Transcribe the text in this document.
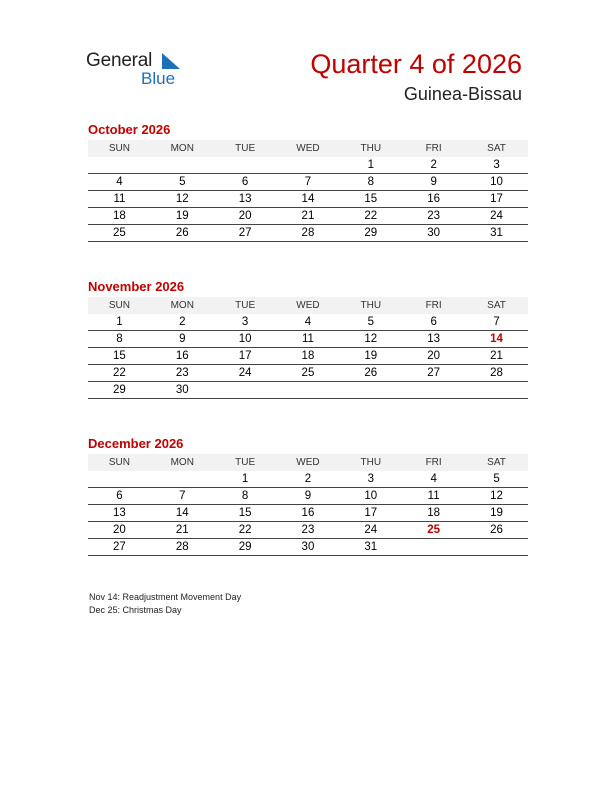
General
Blue	Quarter 4 of 2026
Guinea-Bissau
October 2026
SUN	MON	TUE	WED	THU	FRI	SAT
				1	2	3
4	5	6	7	8	9	10
11	12	13	14	15	16	17
18	19	20	21	22	23	24
25	26	27	28	29	30	31
November 2026
SUN	MON	TUE	WED	THU	FRI	SAT
1	2	3	4	5	6	7
8	9	10	11	12	13	14
15	16	17	18	19	20	21
22	23	24	25	26	27	28
29	30					
December 2026
SUN	MON	TUE	WED	THU	FRI	SAT
		1	2	3	4	5
6	7	8	9	10	11	12
13	14	15	16	17	18	19
20	21	22	23	24	25	26
27	28	29	30	31		
Nov 14: Readjustment Movement Day
Dec 25: Christmas Day
